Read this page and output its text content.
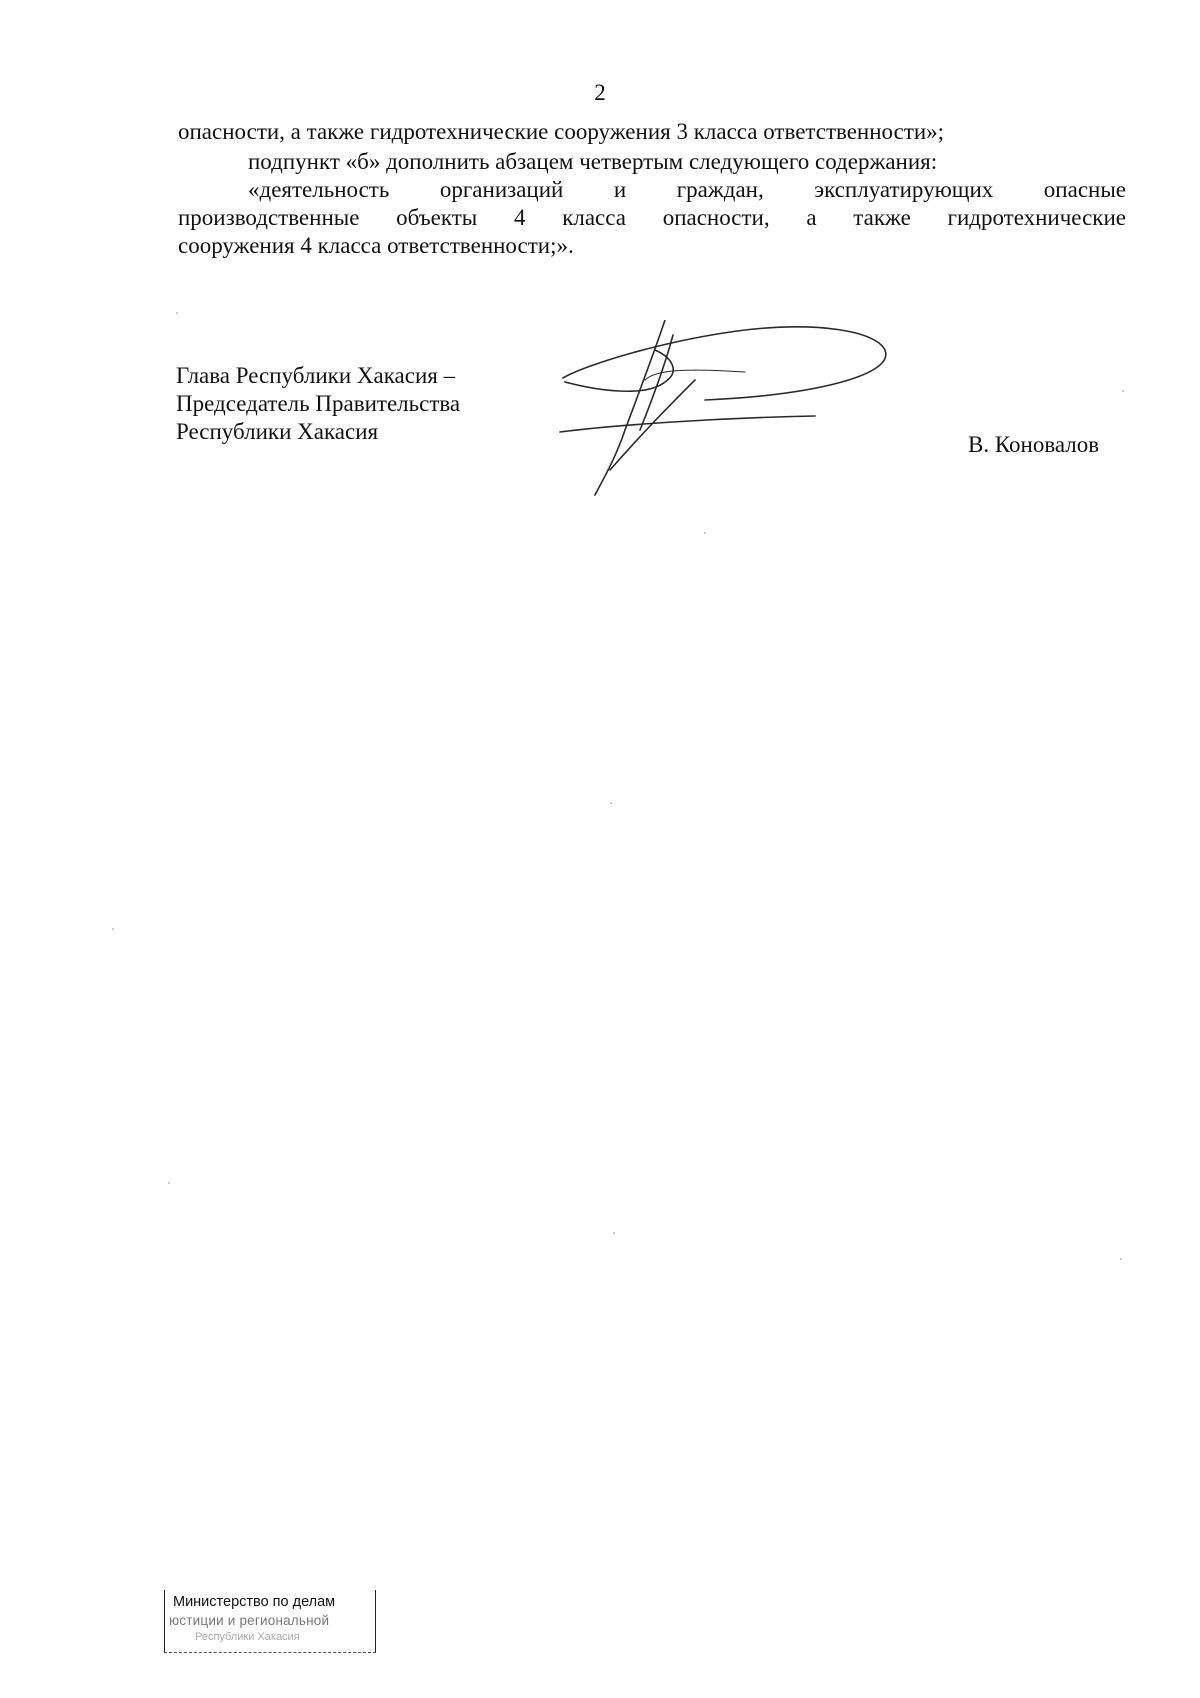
2
опасности, а также гидротехнические сооружения 3 класса ответственности»;
подпункт «б» дополнить абзацем четвертым следующего содержания:
«деятельность организаций и граждан, эксплуатирующих опасные
производственные объекты 4 класса опасности, а также гидротехнические
сооружения 4 класса ответственности;».
Глава Республики Хакасия –
Председатель Правительства
Республики Хакасия
В. Коновалов
Министерство по делам
юстиции и региональной
Республики Хакасия
